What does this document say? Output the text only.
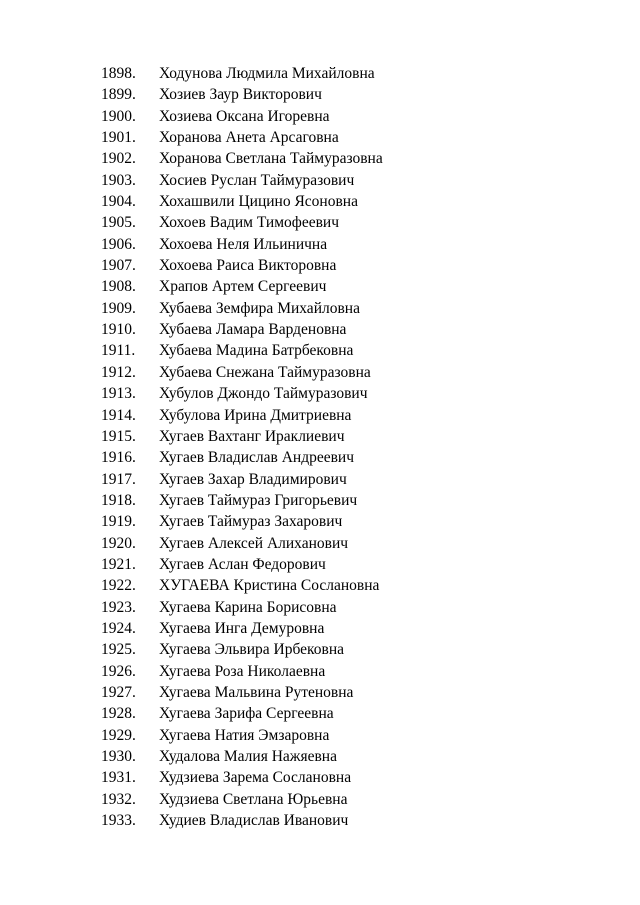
1898.	Ходунова Людмила Михайловна
1899.	Хозиев Заур Викторович
1900.	Хозиева Оксана Игоревна
1901.	Хоранова Анета Арсаговна
1902.	Хоранова Светлана Таймуразовна
1903.	Хосиев Руслан Таймуразович
1904.	Хохашвили Цицино Ясоновна
1905.	Хохоев Вадим Тимофеевич
1906.	Хохоева Неля Ильинична
1907.	Хохоева Раиса Викторовна
1908.	Храпов Артем Сергеевич
1909.	Хубаева Земфира Михайловна
1910.	Хубаева Ламара Варденовна
1911.	Хубаева Мадина Батрбековна
1912.	Хубаева Снежана Таймуразовна
1913.	Хубулов Джондо Таймуразович
1914.	Хубулова Ирина Дмитриевна
1915.	Хугаев Вахтанг Ираклиевич
1916.	Хугаев Владислав Андреевич
1917.	Хугаев Захар Владимирович
1918.	Хугаев Таймураз Григорьевич
1919.	Хугаев Таймураз Захарович
1920.	Хугаев Алексей Алиханович
1921.	Хугаев Аслан Федорович
1922.	ХУГАЕВА Кристина Сослановна
1923.	Хугаева Карина Борисовна
1924.	Хугаева Инга Демуровна
1925.	Хугаева Эльвира Ирбековна
1926.	Хугаева Роза Николаевна
1927.	Хугаева Мальвина Рутеновна
1928.	Хугаева Зарифа Сергеевна
1929.	Хугаева Натия Эмзаровна
1930.	Худалова Малия Нажяевна
1931.	Худзиева Зарема Сослановна
1932.	Худзиева Светлана Юрьевна
1933.	Худиев Владислав Иванович
